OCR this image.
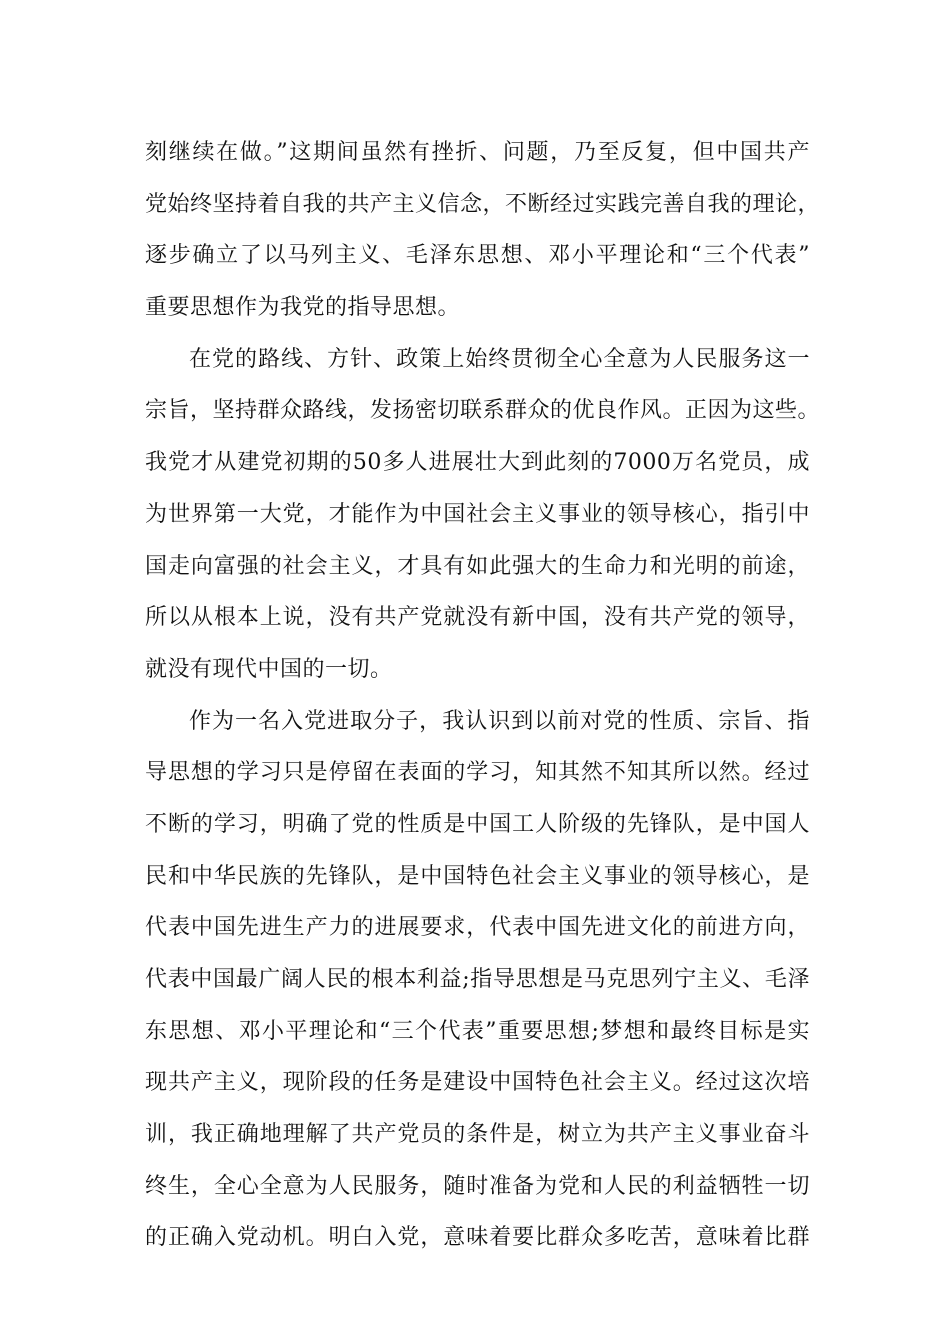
刻继续在做。”这期间虽然有挫折、问题，乃至反复，但中国共产
党始终坚持着自我的共产主义信念，不断经过实践完善自我的理论，
逐步确立了以马列主义、毛泽东思想、邓小平理论和“三个代表”
重要思想作为我党的指导思想。
在党的路线、方针、政策上始终贯彻全心全意为人民服务这一
宗旨，坚持群众路线，发扬密切联系群众的优良作风。正因为这些。
我党才从建党初期的50多人进展壮大到此刻的7000万名党员，成
为世界第一大党，才能作为中国社会主义事业的领导核心，指引中
国走向富强的社会主义，才具有如此强大的生命力和光明的前途，
所以从根本上说，没有共产党就没有新中国，没有共产党的领导，
就没有现代中国的一切。
作为一名入党进取分子，我认识到以前对党的性质、宗旨、指
导思想的学习只是停留在表面的学习，知其然不知其所以然。经过
不断的学习，明确了党的性质是中国工人阶级的先锋队，是中国人
民和中华民族的先锋队，是中国特色社会主义事业的领导核心，是
代表中国先进生产力的进展要求，代表中国先进文化的前进方向，
代表中国最广阔人民的根本利益;指导思想是马克思列宁主义、毛泽
东思想、邓小平理论和“三个代表”重要思想;梦想和最终目标是实
现共产主义，现阶段的任务是建设中国特色社会主义。经过这次培
训，我正确地理解了共产党员的条件是，树立为共产主义事业奋斗
终生，全心全意为人民服务，随时准备为党和人民的利益牺牲一切
的正确入党动机。明白入党，意味着要比群众多吃苦，意味着比群
